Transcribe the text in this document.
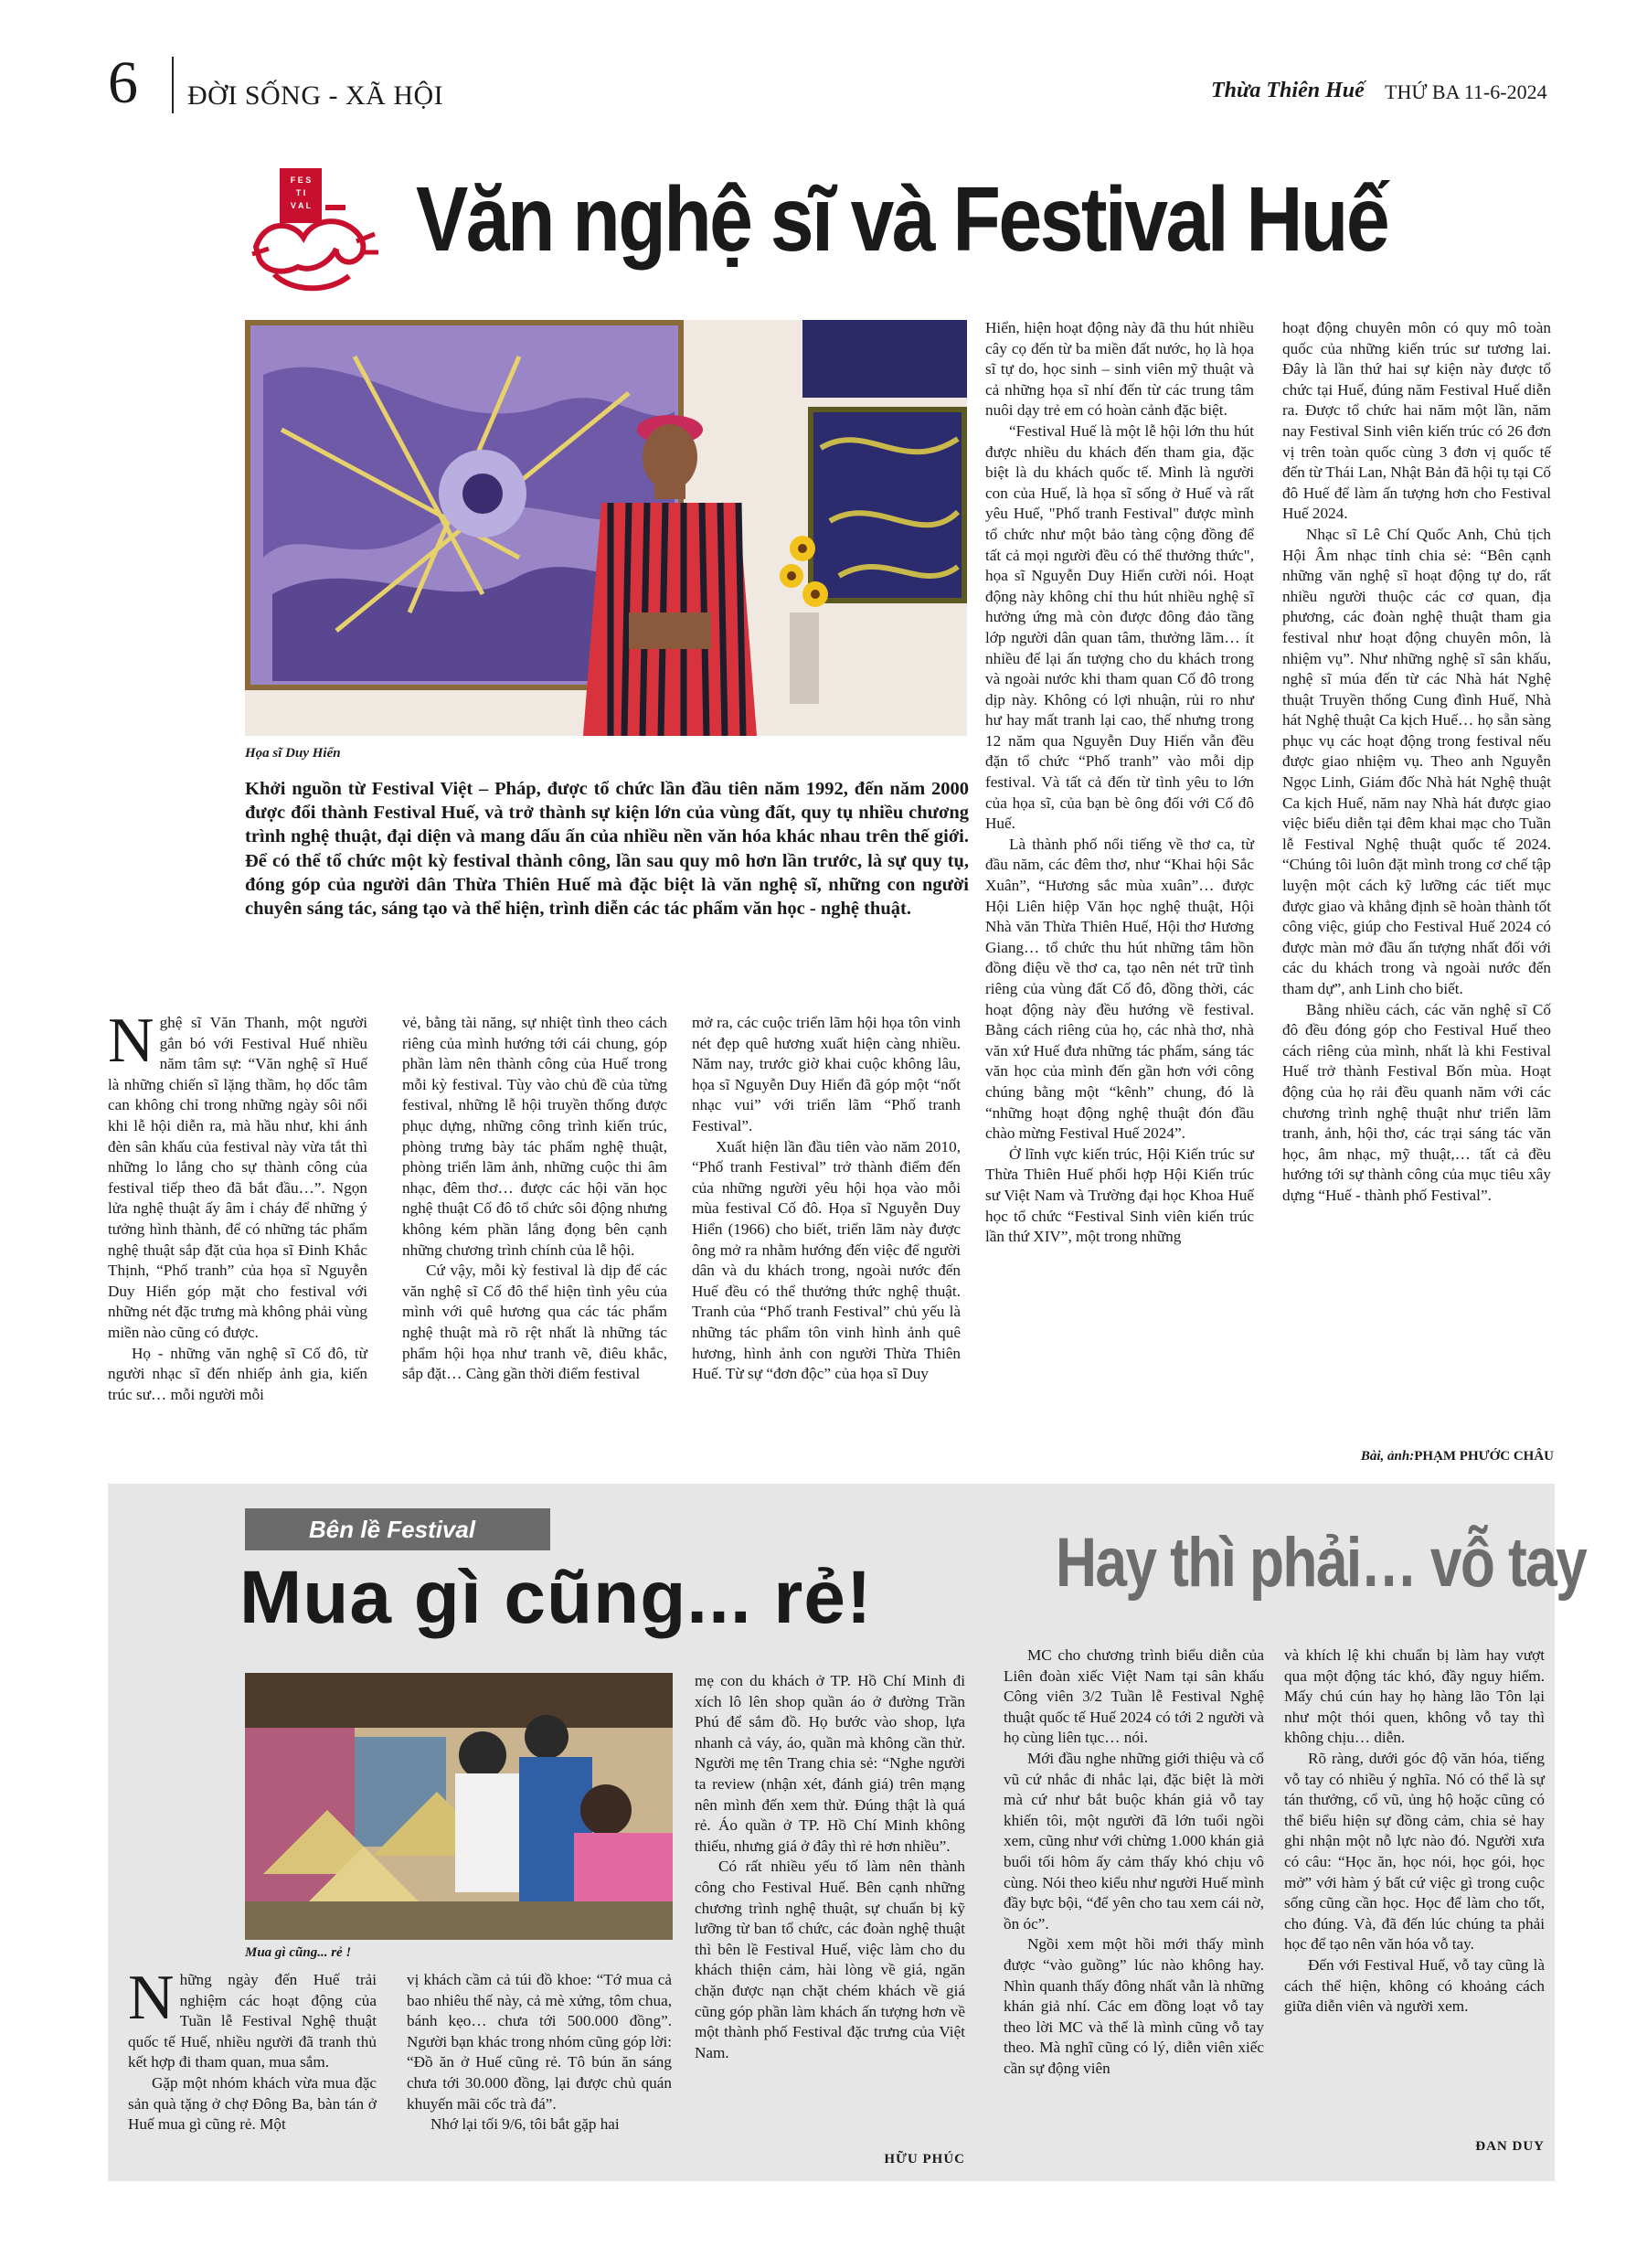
6 ĐỜI SỐNG - XÃ HỘI	Thừa Thiên Huế THỨ BA 11-6-2024
F E S
T I
V A L Văn nghệ sĩ và Festival Huế
Họa sĩ Duy Hiển
Khởi nguồn từ Festival Việt – Pháp, được tổ chức lần đầu tiên năm 1992, đến năm 2000 được đổi thành Festival Huế, và trở thành sự kiện lớn của vùng đất, quy tụ nhiều chương trình nghệ thuật, đại diện và mang dấu ấn của nhiều nền văn hóa khác nhau trên thế giới. Để có thể tổ chức một kỳ festival thành công, lần sau quy mô hơn lần trước, là sự quy tụ, đóng góp của người dân Thừa Thiên Huế mà đặc biệt là văn nghệ sĩ, những con người chuyên sáng tác, sáng tạo và thể hiện, trình diễn các tác phẩm văn học - nghệ thuật.

Nghệ sĩ Văn Thanh, một người gắn bó với Festival Huế nhiều năm tâm sự: “Văn nghệ sĩ Huế là những chiến sĩ lặng thầm, họ dốc tâm can không chỉ trong những ngày sôi nổi khi lễ hội diễn ra, mà hầu như, khi ánh đèn sân khấu của festival này vừa tắt thì những lo lắng cho sự thành công của festival tiếp theo đã bắt đầu…”. Ngọn lửa nghệ thuật ấy âm ỉ cháy để những ý tưởng hình thành, để có những tác phẩm nghệ thuật sắp đặt của họa sĩ Đinh Khắc Thịnh, “Phố tranh” của họa sĩ Nguyễn Duy Hiển góp mặt cho festival với những nét đặc trưng mà không phải vùng miền nào cũng có được.

Họ - những văn nghệ sĩ Cố đô, từ người nhạc sĩ đến nhiếp ảnh gia, kiến trúc sư… mỗi người mỗi

vẻ, bằng tài năng, sự nhiệt tình theo cách riêng của mình hướng tới cái chung, góp phần làm nên thành công của Huế trong mỗi kỳ festival. Tùy vào chủ đề của từng festival, những lễ hội truyền thống được phục dựng, những công trình kiến trúc, phòng trưng bày tác phẩm nghệ thuật, phòng triển lãm ảnh, những cuộc thi âm nhạc, đêm thơ… được các hội văn học nghệ thuật Cố đô tổ chức sôi động nhưng không kém phần lắng đọng bên cạnh những chương trình chính của lễ hội.

Cứ vậy, mỗi kỳ festival là dịp để các văn nghệ sĩ Cố đô thể hiện tình yêu của mình với quê hương qua các tác phẩm nghệ thuật mà rõ rệt nhất là những tác phẩm hội họa như tranh vẽ, điêu khắc, sắp đặt… Càng gần thời điểm festival

mở ra, các cuộc triển lãm hội họa tôn vinh nét đẹp quê hương xuất hiện càng nhiều. Năm nay, trước giờ khai cuộc không lâu, họa sĩ Nguyễn Duy Hiển đã góp một “nốt nhạc vui” với triển lãm “Phố tranh Festival”.

Xuất hiện lần đầu tiên vào năm 2010, “Phố tranh Festival” trở thành điểm đến của những người yêu hội họa vào mỗi mùa festival Cố đô. Họa sĩ Nguyễn Duy Hiển (1966) cho biết, triển lãm này được ông mở ra nhằm hướng đến việc để người dân và du khách trong, ngoài nước đến Huế đều có thể thưởng thức nghệ thuật. Tranh của “Phố tranh Festival” chủ yếu là những tác phẩm tôn vinh hình ảnh quê hương, hình ảnh con người Thừa Thiên Huế. Từ sự “đơn độc” của họa sĩ Duy

Hiển, hiện hoạt động này đã thu hút nhiều cây cọ đến từ ba miền đất nước, họ là họa sĩ tự do, học sinh – sinh viên mỹ thuật và cả những họa sĩ nhí đến từ các trung tâm nuôi dạy trẻ em có hoàn cảnh đặc biệt.

“Festival Huế là một lễ hội lớn thu hút được nhiều du khách đến tham gia, đặc biệt là du khách quốc tế. Mình là người con của Huế, là họa sĩ sống ở Huế và rất yêu Huế, "Phố tranh Festival" được mình tổ chức như một bảo tàng cộng đồng để tất cả mọi người đều có thể thưởng thức", họa sĩ Nguyễn Duy Hiển cười nói. Hoạt động này không chỉ thu hút nhiều nghệ sĩ hưởng ứng mà còn được đông đảo tầng lớp người dân quan tâm, thưởng lãm… ít nhiều để lại ấn tượng cho du khách trong và ngoài nước khi tham quan Cố đô trong dịp này. Không có lợi nhuận, rủi ro như hư hay mất tranh lại cao, thế nhưng trong 12 năm qua Nguyễn Duy Hiển vẫn đều đặn tổ chức “Phố tranh” vào mỗi dịp festival. Và tất cả đến từ tình yêu to lớn của họa sĩ, của bạn bè ông đối với Cố đô Huế.

Là thành phố nổi tiếng về thơ ca, từ đầu năm, các đêm thơ, như “Khai hội Sắc Xuân”, “Hương sắc mùa xuân”… được Hội Liên hiệp Văn học nghệ thuật, Hội Nhà văn Thừa Thiên Huế, Hội thơ Hương Giang… tổ chức thu hút những tâm hồn đồng điệu về thơ ca, tạo nên nét trữ tình riêng của vùng đất Cố đô, đồng thời, các hoạt động này đều hướng về festival. Bằng cách riêng của họ, các nhà thơ, nhà văn xứ Huế đưa những tác phẩm, sáng tác văn học của mình đến gần hơn với công chúng bằng một “kênh” chung, đó là “những hoạt động nghệ thuật đón đầu chào mừng Festival Huế 2024”.

Ở lĩnh vực kiến trúc, Hội Kiến trúc sư Thừa Thiên Huế phối hợp Hội Kiến trúc sư Việt Nam và Trường đại học Khoa Huế học tổ chức “Festival Sinh viên kiến trúc lần thứ XIV”, một trong những

hoạt động chuyên môn có quy mô toàn quốc của những kiến trúc sư tương lai. Đây là lần thứ hai sự kiện này được tổ chức tại Huế, đúng năm Festival Huế diễn ra. Được tổ chức hai năm một lần, năm nay Festival Sinh viên kiến trúc có 26 đơn vị trên toàn quốc cùng 3 đơn vị quốc tế đến từ Thái Lan, Nhật Bản đã hội tụ tại Cố đô Huế để làm ấn tượng hơn cho Festival Huế 2024.

Nhạc sĩ Lê Chí Quốc Anh, Chủ tịch Hội Âm nhạc tỉnh chia sẻ: “Bên cạnh những văn nghệ sĩ hoạt động tự do, rất nhiều người thuộc các cơ quan, địa phương, các đoàn nghệ thuật tham gia festival như hoạt động chuyên môn, là nhiệm vụ”. Như những nghệ sĩ sân khấu, nghệ sĩ múa đến từ các Nhà hát Nghệ thuật Truyền thống Cung đình Huế, Nhà hát Nghệ thuật Ca kịch Huế… họ sẵn sàng phục vụ các hoạt động trong festival nếu được giao nhiệm vụ. Theo anh Nguyễn Ngọc Linh, Giám đốc Nhà hát Nghệ thuật Ca kịch Huế, năm nay Nhà hát được giao việc biểu diễn tại đêm khai mạc cho Tuần lễ Festival Nghệ thuật quốc tế 2024. “Chúng tôi luôn đặt mình trong cơ chế tập luyện một cách kỹ lưỡng các tiết mục được giao và khẳng định sẽ hoàn thành tốt công việc, giúp cho Festival Huế 2024 có được màn mở đầu ấn tượng nhất đối với các du khách trong và ngoài nước đến tham dự”, anh Linh cho biết.

Bằng nhiều cách, các văn nghệ sĩ Cố đô đều đóng góp cho Festival Huế theo cách riêng của mình, nhất là khi Festival Huế trở thành Festival Bốn mùa. Hoạt động của họ rải đều quanh năm với các chương trình nghệ thuật như triển lãm tranh, ảnh, hội thơ, các trại sáng tác văn học, âm nhạc, mỹ thuật,… tất cả đều hướng tới sự thành công của mục tiêu xây dựng “Huế - thành phố Festival”.

Bài, ảnh:PHẠM PHƯỚC CHÂU
Bên lề Festival
Mua gì cũng... rẻ!
Mua gì cũng... rẻ !

Những ngày đến Huế trải nghiệm các hoạt động của Tuần lễ Festival Nghệ thuật quốc tế Huế, nhiều người đã tranh thủ kết hợp đi tham quan, mua sắm.

Gặp một nhóm khách vừa mua đặc sản quà tặng ở chợ Đông Ba, bàn tán ở Huế mua gì cũng rẻ. Một

vị khách cầm cả túi đồ khoe: “Tớ mua cả bao nhiêu thế này, cả mè xửng, tôm chua, bánh kẹo… chưa tới 500.000 đồng”. Người bạn khác trong nhóm cũng góp lời: “Đồ ăn ở Huế cũng rẻ. Tô bún ăn sáng chưa tới 30.000 đồng, lại được chủ quán khuyến mãi cốc trà đá”.

Nhớ lại tối 9/6, tôi bắt gặp hai

mẹ con du khách ở TP. Hồ Chí Minh đi xích lô lên shop quần áo ở đường Trần Phú để sắm đồ. Họ bước vào shop, lựa nhanh cả váy, áo, quần mà không cần thử. Người mẹ tên Trang chia sẻ: “Nghe người ta review (nhận xét, đánh giá) trên mạng nên mình đến xem thử. Đúng thật là quá rẻ. Áo quần ở TP. Hồ Chí Minh không thiếu, nhưng giá ở đây thì rẻ hơn nhiều”.

Có rất nhiều yếu tố làm nên thành công cho Festival Huế. Bên cạnh những chương trình nghệ thuật, sự chuẩn bị kỹ lưỡng từ ban tổ chức, các đoàn nghệ thuật thì bên lề Festival Huế, việc làm cho du khách thiện cảm, hài lòng về giá, ngăn chặn được nạn chặt chém khách về giá cũng góp phần làm khách ấn tượng hơn về một thành phố Festival đặc trưng của Việt Nam.

HỮU PHÚC
Hay thì phải… vỗ tay

MC cho chương trình biểu diễn của Liên đoàn xiếc Việt Nam tại sân khấu Công viên 3/2 Tuần lễ Festival Nghệ thuật quốc tế Huế 2024 có tới 2 người và họ cùng liên tục… nói.

Mới đầu nghe những giới thiệu và cổ vũ cứ nhắc đi nhắc lại, đặc biệt là mời mà cứ như bắt buộc khán giả vỗ tay khiến tôi, một người đã lớn tuổi ngồi xem, cũng như với chừng 1.000 khán giả buổi tối hôm ấy cảm thấy khó chịu vô cùng. Nói theo kiểu như người Huế mình đầy bực bội, “để yên cho tau xem cái nờ, ồn óc”.

Ngồi xem một hồi mới thấy mình được “vào guồng” lúc nào không hay. Nhìn quanh thấy đông nhất vẫn là những khán giả nhí. Các em đồng loạt vỗ tay theo lời MC và thể là mình cũng vỗ tay theo. Mà nghĩ cũng có lý, diễn viên xiếc cần sự động viên

và khích lệ khi chuẩn bị làm hay vượt qua một động tác khó, đầy nguy hiểm. Mấy chú cún hay họ hàng lão Tôn lại như một thói quen, không vỗ tay thì không chịu… diễn.

Rõ ràng, dưới góc độ văn hóa, tiếng vỗ tay có nhiều ý nghĩa. Nó có thể là sự tán thưởng, cổ vũ, ủng hộ hoặc cũng có thể biểu hiện sự đồng cảm, chia sẻ hay ghi nhận một nỗ lực nào đó. Người xưa có câu: “Học ăn, học nói, học gói, học mở” với hàm ý bất cứ việc gì trong cuộc sống cũng cần học. Học để làm cho tốt, cho đúng. Và, đã đến lúc chúng ta phải học để tạo nên văn hóa vỗ tay.

Đến với Festival Huế, vỗ tay cũng là cách thể hiện, không có khoảng cách giữa diễn viên và người xem.

ĐAN DUY
